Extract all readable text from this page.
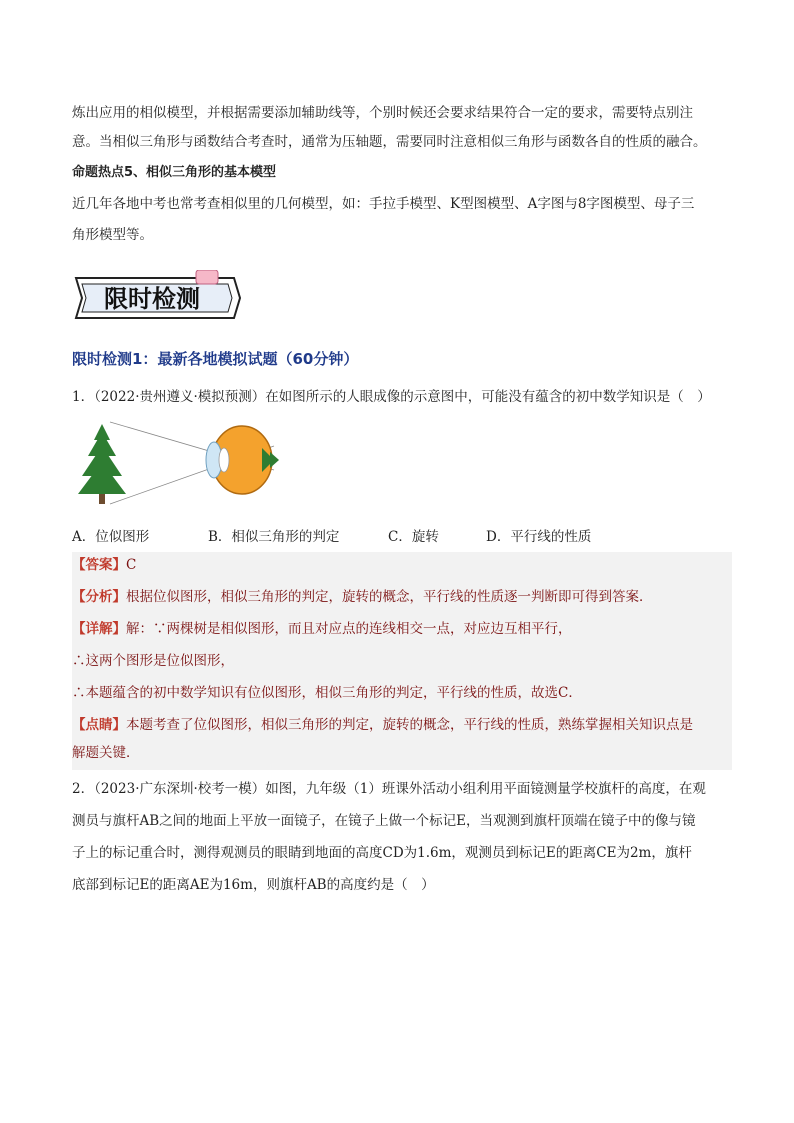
炼出应用的相似模型，并根据需要添加辅助线等，个别时候还会要求结果符合一定的要求，需要特点别注
意。当相似三角形与函数结合考查时，通常为压轴题，需要同时注意相似三角形与函数各自的性质的融合。
命题热点5、相似三角形的基本模型
近几年各地中考也常考查相似里的几何模型，如：手拉手模型、K型图模型、A字图与8字图模型、母子三
角形模型等。
限时检测
限时检测1：最新各地模拟试题（60分钟）
1．（2022·贵州遵义·模拟预测）在如图所示的人眼成像的示意图中，可能没有蕴含的初中数学知识是（　）
A．位似图形	B．相似三角形的判定	C．旋转	D．平行线的性质
【答案】C
【分析】根据位似图形，相似三角形的判定，旋转的概念，平行线的性质逐一判断即可得到答案．
【详解】解：∵两棵树是相似图形，而且对应点的连线相交一点，对应边互相平行，
∴这两个图形是位似图形，
∴本题蕴含的初中数学知识有位似图形，相似三角形的判定，平行线的性质，故选C．
【点睛】本题考查了位似图形，相似三角形的判定，旋转的概念，平行线的性质，熟练掌握相关知识点是
解题关键．
2．（2023·广东深圳·校考一模）如图，九年级（1）班课外活动小组利用平面镜测量学校旗杆的高度，在观
测员与旗杆AB之间的地面上平放一面镜子，在镜子上做一个标记E，当观测到旗杆顶端在镜子中的像与镜
子上的标记重合时，测得观测员的眼睛到地面的高度CD为1.6m，观测员到标记E的距离CE为2m，旗杆
底部到标记E的距离AE为16m，则旗杆AB的高度约是（　）
